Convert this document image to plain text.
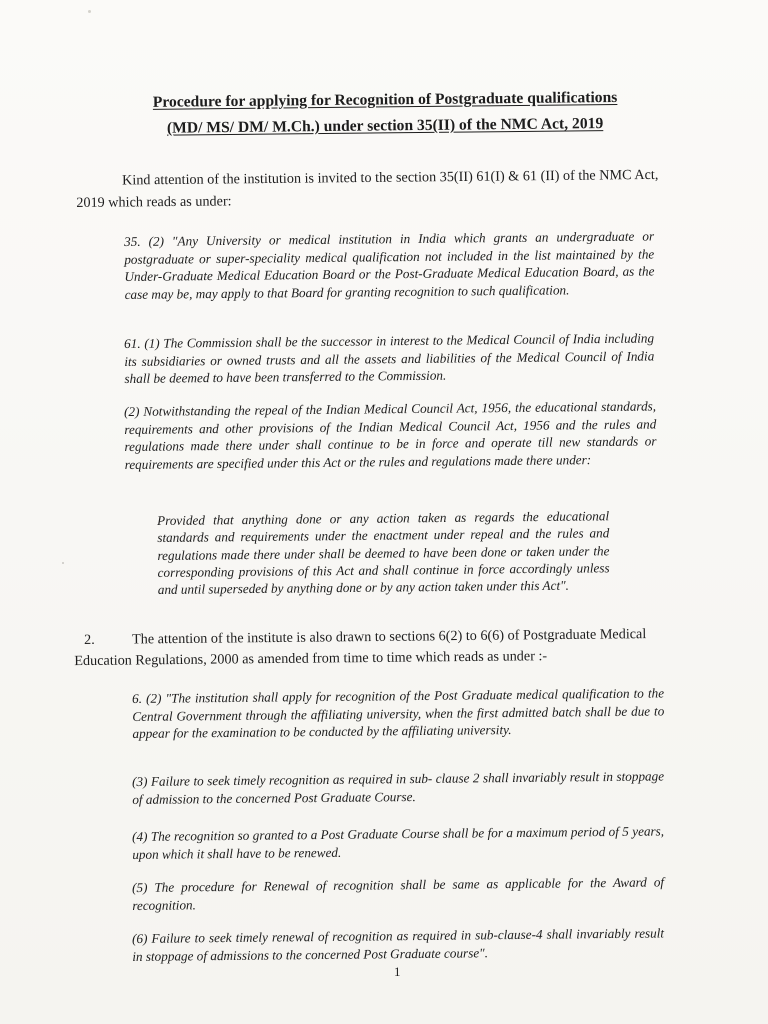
Procedure for applying for Recognition of Postgraduate qualifications
(MD/ MS/ DM/ M.Ch.) under section 35(II) of the NMC Act, 2019
Kind attention of the institution is invited to the section 35(II) 61(I) & 61 (II) of the NMC Act,
2019 which reads as under:
35. (2) "Any University or medical institution in India which grants an undergraduate or postgraduate or super-speciality medical qualification not included in the list maintained by the Under-Graduate Medical Education Board or the Post-Graduate Medical Education Board, as the case may be, may apply to that Board for granting recognition to such qualification.
61. (1) The Commission shall be the successor in interest to the Medical Council of India including its subsidiaries or owned trusts and all the assets and liabilities of the Medical Council of India shall be deemed to have been transferred to the Commission.
(2) Notwithstanding the repeal of the Indian Medical Council Act, 1956, the educational standards, requirements and other provisions of the Indian Medical Council Act, 1956 and the rules and regulations made there under shall continue to be in force and operate till new standards or requirements are specified under this Act or the rules and regulations made there under:
Provided that anything done or any action taken as regards the educational standards and requirements under the enactment under repeal and the rules and regulations made there under shall be deemed to have been done or taken under the corresponding provisions of this Act and shall continue in force accordingly unless and until superseded by anything done or by any action taken under this Act".
2.	The attention of the institute is also drawn to sections 6(2) to 6(6) of Postgraduate Medical
Education Regulations, 2000 as amended from time to time which reads as under :-
6. (2) "The institution shall apply for recognition of the Post Graduate medical qualification to the Central Government through the affiliating university, when the first admitted batch shall be due to appear for the examination to be conducted by the affiliating university.
(3) Failure to seek timely recognition as required in sub- clause 2 shall invariably result in stoppage of admission to the concerned Post Graduate Course.
(4) The recognition so granted to a Post Graduate Course shall be for a maximum period of 5 years, upon which it shall have to be renewed.
(5) The procedure for Renewal of recognition shall be same as applicable for the Award of recognition.
(6) Failure to seek timely renewal of recognition as required in sub-clause-4 shall invariably result in stoppage of admissions to the concerned Post Graduate course".
1
